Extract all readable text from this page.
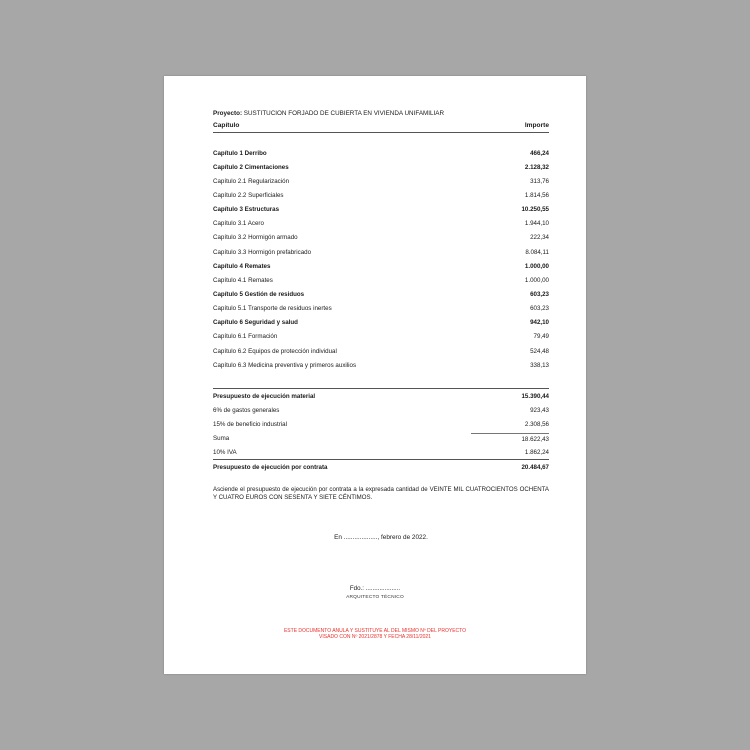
Proyecto: SUSTITUCION FORJADO DE CUBIERTA EN VIVIENDA UNIFAMILIAR
Capítulo	Importe
Capítulo 1 Derribo	466,24
Capítulo 2 Cimentaciones	2.128,32
Capítulo 2.1 Regularización	313,76
Capítulo 2.2 Superficiales	1.814,56
Capítulo 3 Estructuras	10.250,55
Capítulo 3.1 Acero	1.944,10
Capítulo 3.2 Hormigón armado	222,34
Capítulo 3.3 Hormigón prefabricado	8.084,11
Capítulo 4 Remates	1.000,00
Capítulo 4.1 Remates	1.000,00
Capítulo 5 Gestión de residuos	603,23
Capítulo 5.1 Transporte de residuos inertes	603,23
Capítulo 6 Seguridad y salud	942,10
Capítulo 6.1 Formación	79,49
Capítulo 6.2 Equipos de protección individual	524,48
Capítulo 6.3 Medicina preventiva y primeros auxilios	338,13
Presupuesto de ejecución material	15.390,44
6% de gastos generales	923,43
15% de beneficio industrial	2.308,56
Suma	18.622,43
10% IVA	1.862,24
Presupuesto de ejecución por contrata	20.484,67
Asciende el presupuesto de ejecución por contrata a la expresada cantidad de VEINTE MIL CUATROCIENTOS OCHENTA Y CUATRO EUROS CON SESENTA Y SIETE CÉNTIMOS.
En ..................., febrero de 2022.
Fdo.: ....................
ARQUITECTO TÉCNICO
ESTE DOCUMENTO ANULA Y SUSTITUYE AL DEL MISMO Nº DEL PROYECTO
VISADO CON Nº 2021/2878 Y FECHA 28/11/2021
